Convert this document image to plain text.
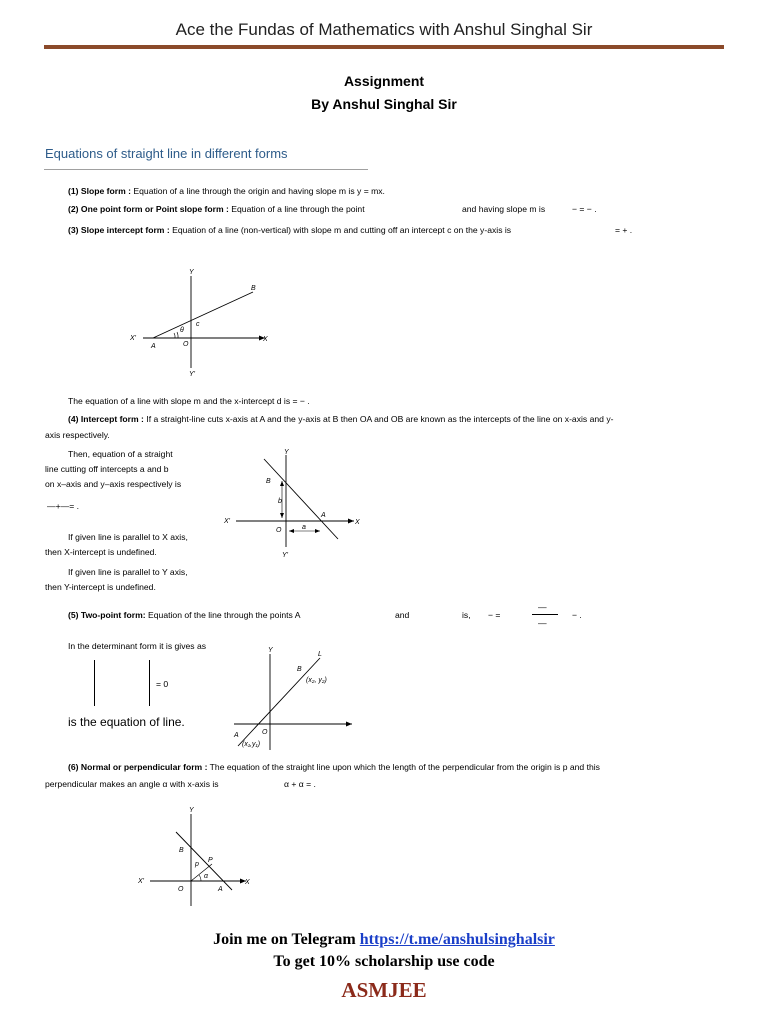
Ace the Fundas of Mathematics with Anshul Singhal Sir
Assignment
By Anshul Singhal Sir
Equations of straight line in different forms
(1) Slope form : Equation of a line through the origin and having slope m is y = mx.
(2) One point form or Point slope form : Equation of a line through the point	and having slope m is	− = − .
(3) Slope intercept form : Equation of a line (non-vertical) with slope m and cutting off an intercept c on the y-axis is	= + .
Y
B
X'	X
A	O
θ
c
Y'
The equation of a line with slope m and the x-intercept d is = − .
(4) Intercept form : If a straight-line cuts x-axis at A and the y-axis at B then OA and OB are known as the intercepts of the line on x-axis and y-
axis respectively.
Then, equation of a straight
line cutting off intercepts a and b
on x–axis and y–axis respectively is
—+—= .
If given line is parallel to X axis,
then X-intercept is undefined.
If given line is parallel to Y axis,
then Y-intercept is undefined.
Y
B
b
X'	X
O	a
A
Y'
(5) Two-point form: Equation of the line through the points A	and	is, − =
—
—
− .
In the determinant form it is gives as
= 0
is the equation of line.
Y
L
B
(x₂, y₂)
O
A
(x₁,y₁)
(6) Normal or perpendicular form : The equation of the straight line upon which the length of the perpendicular from the origin is p and this
perpendicular makes an angle α with x-axis is	α + α = .
Y
B
p
P
α
X'	X
O	A
Join me on Telegram https://t.me/anshulsinghalsir
To get 10% scholarship use code
ASMJEE
